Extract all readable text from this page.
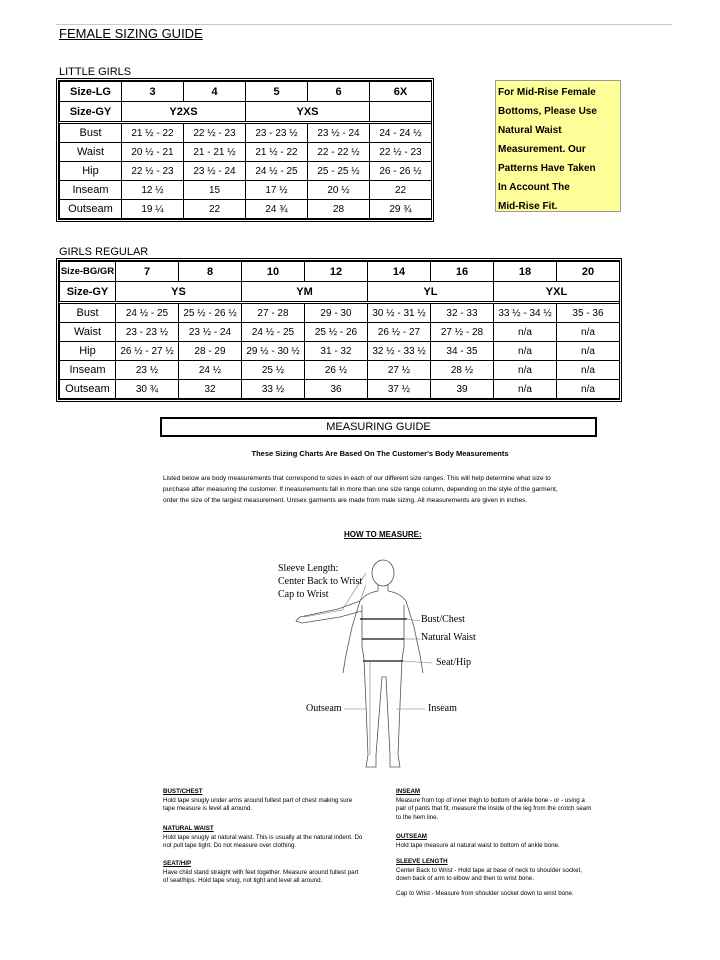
FEMALE SIZING GUIDE
LITTLE GIRLS
Size-LG	3	4	5	6	6X
Size-GY	Y2XS		YXS		
Bust	21 ½ - 22	22 ½ - 23	23 - 23 ½	23 ½ - 24	24 - 24 ½
Waist	20 ½ - 21	21 - 21 ½	21 ½ - 22	22 - 22 ½	22 ½ - 23
Hip	22 ½ - 23	23 ½ - 24	24 ½ - 25	25 - 25 ½	26 - 26 ½
Inseam	12 ½	15	17 ½	20 ½	22
Outseam	19 ¼	22	24 ¾	28	29 ¾
For Mid-Rise Female
Bottoms, Please Use
Natural Waist
Measurement. Our
Patterns Have Taken
In Account The
Mid-Rise Fit.
GIRLS REGULAR
Size-BG/GR	7	8	10	12	14	16	18	20
Size-GY	YS		YM		YL		YXL	
Bust	24 ½ - 25	25 ½ - 26 ½	27 - 28	29 - 30	30 ½ - 31 ½	32 - 33	33 ½ - 34 ½	35 - 36
Waist	23 - 23 ½	23 ½ - 24	24 ½ - 25	25 ½ - 26	26 ½ - 27	27 ½ - 28	n/a	n/a
Hip	26 ½ - 27 ½	28 - 29	29 ½ - 30 ½	31 - 32	32 ½ - 33 ½	34 - 35	n/a	n/a
Inseam	23 ½	24 ½	25 ½	26 ½	27 ½	28 ½	n/a	n/a
Outseam	30 ¾	32	33 ½	36	37 ½	39	n/a	n/a
MEASURING GUIDE
These Sizing Charts Are Based On The Customer's Body Measurements
Listed below are body measurements that correspond to sizes in each of our different size ranges. This will help determine what size to purchase after measuring the customer. If measurements fall in more than one size range column, depending on the style of the garment, order the size of the largest measurement. Unisex garments are made from male sizing. All measurements are given in inches.
HOW TO MEASURE:
Sleeve Length:
Center Back to Wrist
Cap to Wrist
Bust/Chest
Natural Waist
Seat/Hip
Outseam	Inseam
BUST/CHEST
Hold tape snugly under arms around fullest part of chest making sure tape measure is level all around.
NATURAL WAIST
Hold tape snugly at natural waist. This is usually at the natural indent. Do not pull tape tight. Do not measure over clothing.
SEAT/HIP
Have child stand straight with feet together. Measure around fullest part of seat/hips. Hold tape snug, not tight and level all around.
INSEAM
Measure from top of inner thigh to bottom of ankle bone - or - using a pair of pants that fit, measure the inside of the leg from the crotch seam to the hem line.
OUTSEAM
Hold tape measure at natural waist to bottom of ankle bone.
SLEEVE LENGTH
Center Back to Wrist - Hold tape at base of neck to shoulder socket, down back of arm to elbow and then to wrist bone.
Cap to Wrist - Measure from shoulder socket down to wrist bone.
